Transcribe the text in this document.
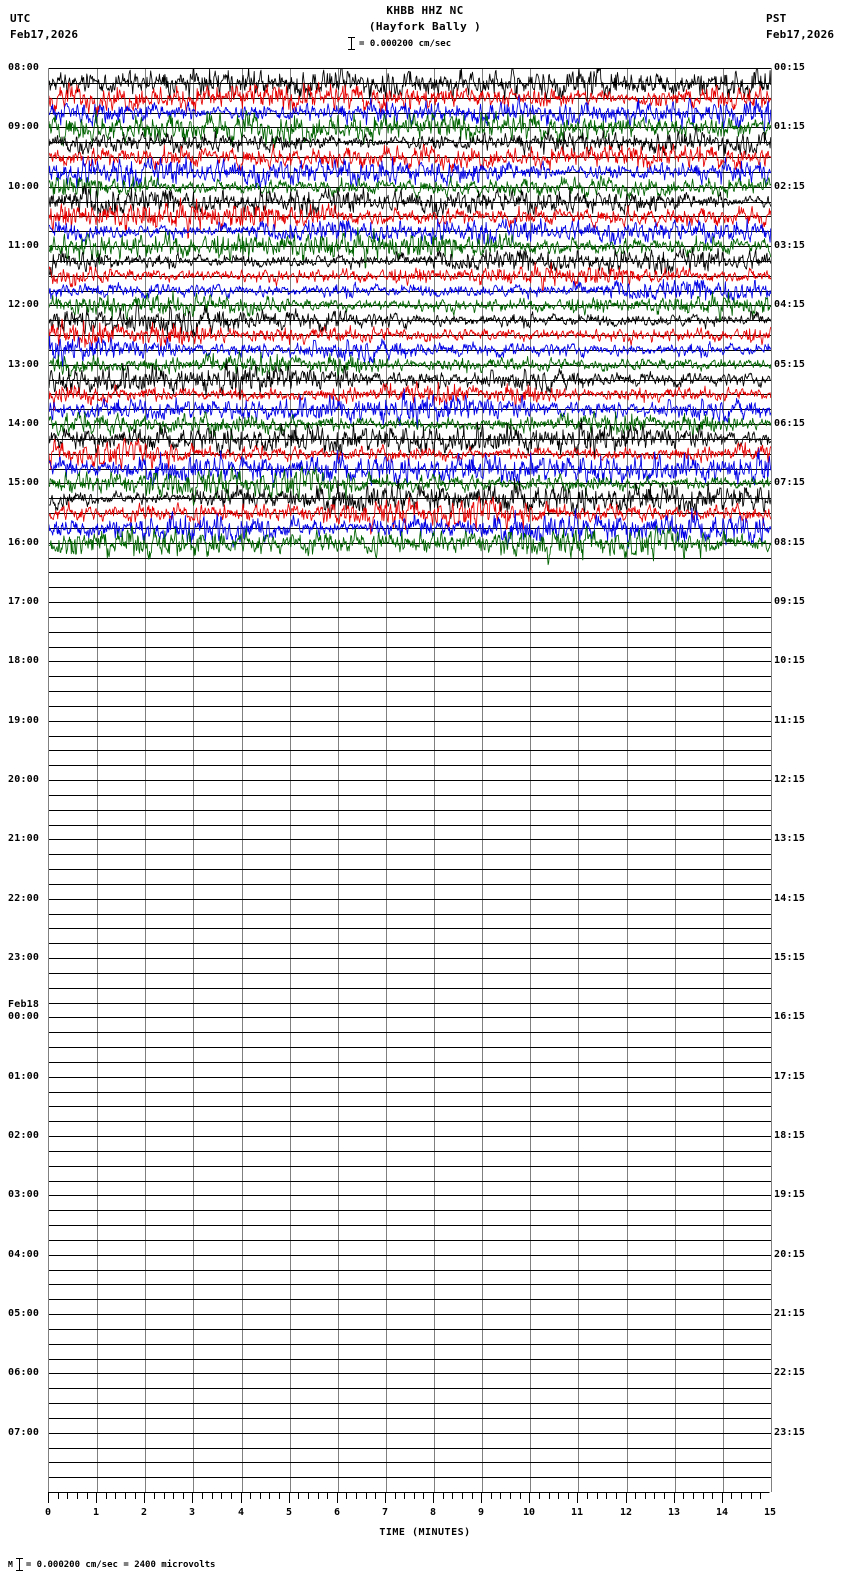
UTC
Feb17,2026
PST
Feb17,2026
KHBB HHZ NC
(Hayfork Bally )
= 0.000200 cm/sec
08:00
09:00
10:00
11:00
12:00
13:00
14:00
15:00
16:00
17:00
18:00
19:00
20:00
21:00
22:00
23:00
Feb18
00:00
01:00
02:00
03:00
04:00
05:00
06:00
07:00
00:15
01:15
02:15
03:15
04:15
05:15
06:15
07:15
08:15
09:15
10:15
11:15
12:15
13:15
14:15
15:15
16:15
17:15
18:15
19:15
20:15
21:15
22:15
23:15
0	1	2	3	4	5	6	7	8	9	10	11	12	13	14	15
TIME (MINUTES)
M = 0.000200 cm/sec = 2400 microvolts
